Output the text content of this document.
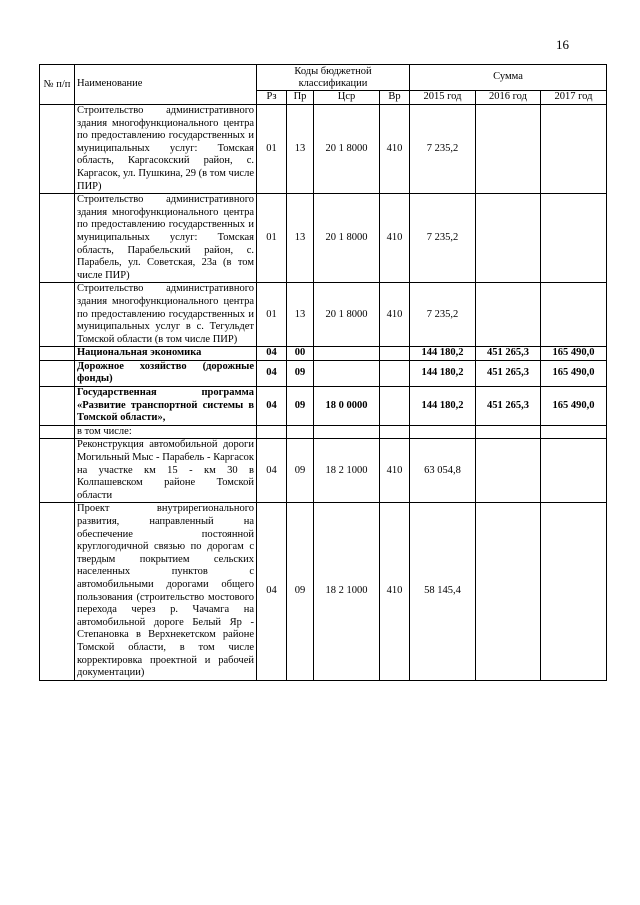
16
№ п/п	Наименование	Коды бюджетной классификации				Сумма		
		Рз	Пр	Цср	Вр	2015 год	2016 год	2017 год
	Строительство административного здания многофункционального центра по предоставлению государственных и муниципальных услуг: Томская область, Каргасокский район, с. Каргасок, ул. Пушкина, 29 (в том числе ПИР)	01	13	20 1 8000	410	7 235,2		
	Строительство административного здания многофункционального центра по предоставлению государственных и муниципальных услуг: Томская область, Парабельский район, с. Парабель, ул. Советская, 23а (в том числе ПИР)	01	13	20 1 8000	410	7 235,2		
	Строительство административного здания многофункционального центра по предоставлению государственных и муниципальных услуг в с. Тегульдет Томской области (в том числе ПИР)	01	13	20 1 8000	410	7 235,2		
	Национальная экономика	04	00			144 180,2	451 265,3	165 490,0
	Дорожное хозяйство (дорожные фонды)	04	09			144 180,2	451 265,3	165 490,0
	Государственная программа «Развитие транспортной системы в Томской области»,	04	09	18 0 0000		144 180,2	451 265,3	165 490,0
	в том числе:							
	Реконструкция автомобильной дороги Могильный Мыс - Парабель - Каргасок на участке км 15 - км 30 в Колпашевском районе Томской области	04	09	18 2 1000	410	63 054,8		
	Проект внутрирегионального развития, направленный на обеспечение постоянной круглогодичной связью по дорогам с твердым покрытием сельских населенных пунктов с автомобильными дорогами общего пользования (строительство мостового перехода через р. Чачамга на автомобильной дороге Белый Яр - Степановка в Верхнекетском районе Томской области, в том числе корректировка проектной и рабочей документации)	04	09	18 2 1000	410	58 145,4		
